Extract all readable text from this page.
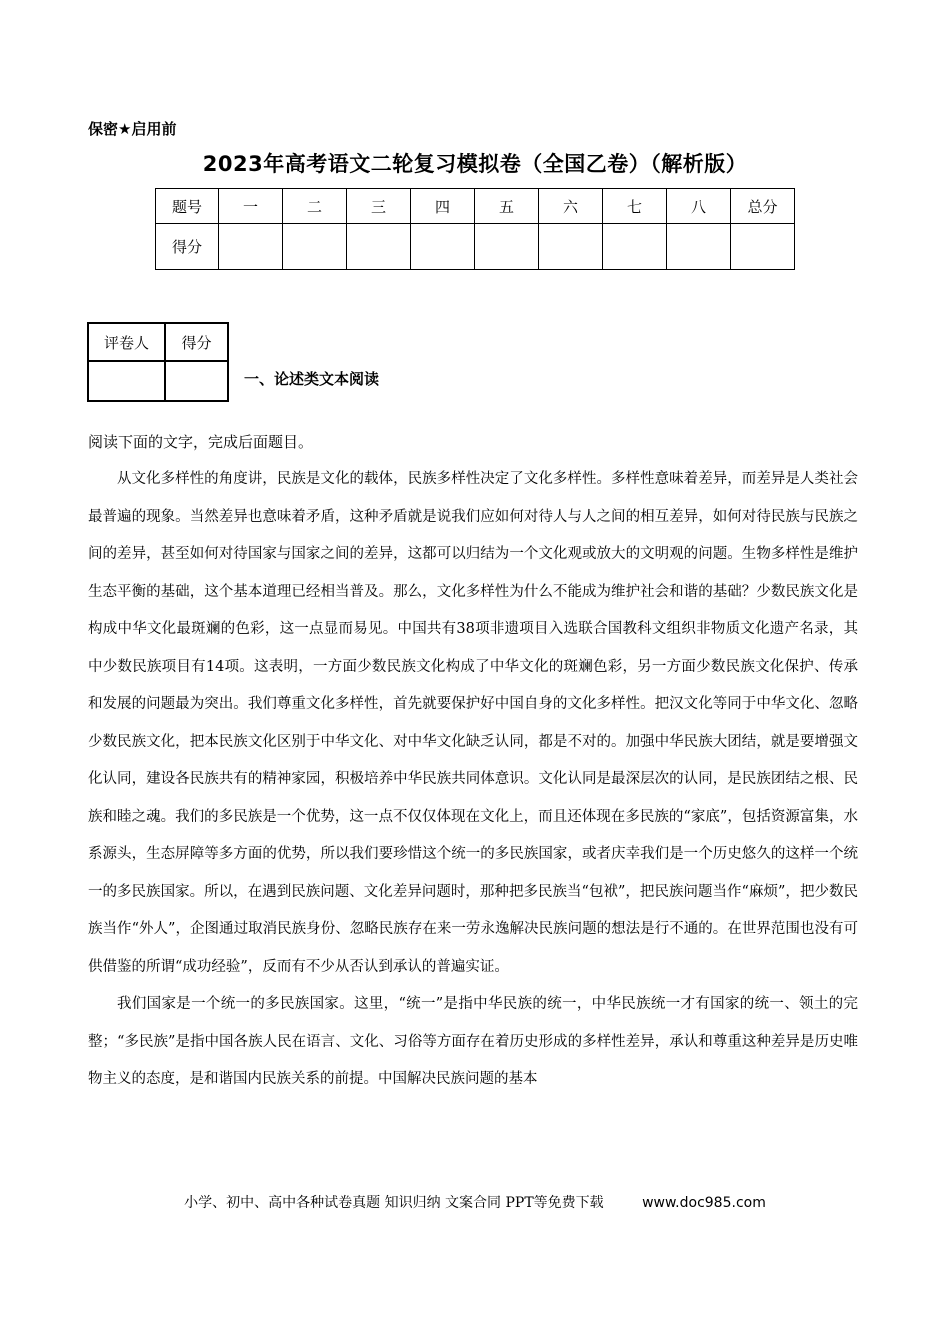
保密★启用前
2023年高考语文二轮复习模拟卷（全国乙卷）（解析版）
题号	一	二	三	四	五	六	七	八	总分
得分									
评卷人	得分

一、论述类文本阅读
阅读下面的文字，完成后面题目。

从文化多样性的角度讲，民族是文化的载体，民族多样性决定了文化多样性。多样性意味着差异，而差异是人类社会最普遍的现象。当然差异也意味着矛盾，这种矛盾就是说我们应如何对待人与人之间的相互差异，如何对待民族与民族之间的差异，甚至如何对待国家与国家之间的差异，这都可以归结为一个文化观或放大的文明观的问题。生物多样性是维护生态平衡的基础，这个基本道理已经相当普及。那么，文化多样性为什么不能成为维护社会和谐的基础？少数民族文化是构成中华文化最斑斓的色彩，这一点显而易见。中国共有38项非遗项目入选联合国教科文组织非物质文化遗产名录，其中少数民族项目有14项。这表明，一方面少数民族文化构成了中华文化的斑斓色彩，另一方面少数民族文化保护、传承和发展的问题最为突出。我们尊重文化多样性，首先就要保护好中国自身的文化多样性。把汉文化等同于中华文化、忽略少数民族文化，把本民族文化区别于中华文化、对中华文化缺乏认同，都是不对的。加强中华民族大团结，就是要增强文化认同，建设各民族共有的精神家园，积极培养中华民族共同体意识。文化认同是最深层次的认同，是民族团结之根、民族和睦之魂。我们的多民族是一个优势，这一点不仅仅体现在文化上，而且还体现在多民族的“家底”，包括资源富集，水系源头，生态屏障等多方面的优势，所以我们要珍惜这个统一的多民族国家，或者庆幸我们是一个历史悠久的这样一个统一的多民族国家。所以，在遇到民族问题、文化差异问题时，那种把多民族当“包袱”，把民族问题当作“麻烦”，把少数民族当作“外人”，企图通过取消民族身份、忽略民族存在来一劳永逸解决民族问题的想法是行不通的。在世界范围也没有可供借鉴的所谓“成功经验”，反而有不少从否认到承认的普遍实证。

我们国家是一个统一的多民族国家。这里，“统一”是指中华民族的统一，中华民族统一才有国家的统一、领土的完整；“多民族”是指中国各族人民在语言、文化、习俗等方面存在着历史形成的多样性差异，承认和尊重这种差异是历史唯物主义的态度，是和谐国内民族关系的前提。中国解决民族问题的基本

小学、初中、高中各种试卷真题 知识归纳 文案合同 PPT等免费下载	www.doc985.com
